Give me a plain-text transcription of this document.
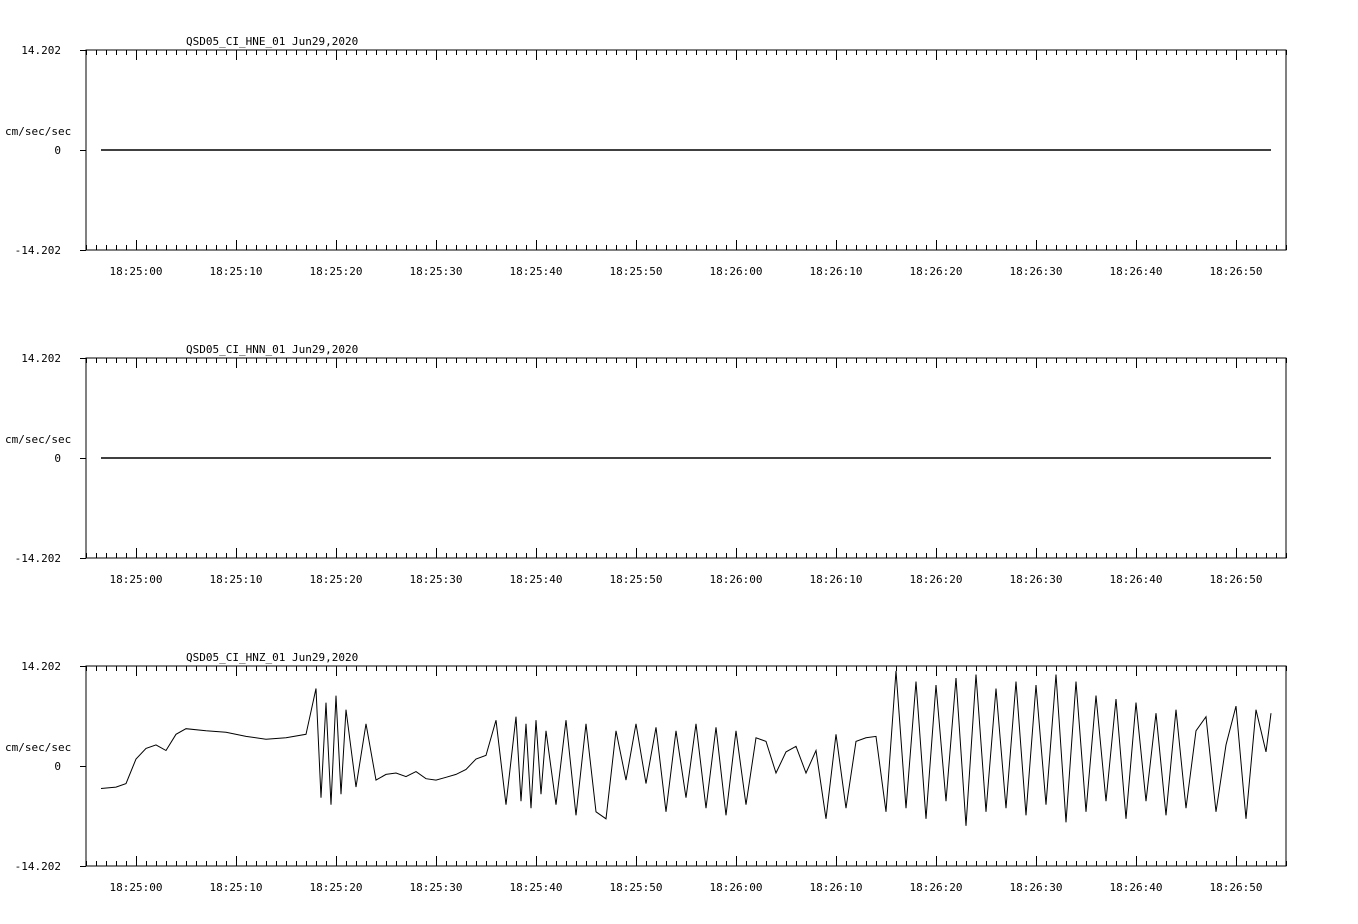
QSD05_CI_HNE_01 Jun29,2020
cm/sec/sec
14.202
0
-14.202
18:25:00	18:25:10	18:25:20	18:25:30	18:25:40	18:25:50	18:26:00	18:26:10	18:26:20	18:26:30	18:26:40	18:26:50
QSD05_CI_HNN_01 Jun29,2020
cm/sec/sec
14.202
0
-14.202
18:25:00	18:25:10	18:25:20	18:25:30	18:25:40	18:25:50	18:26:00	18:26:10	18:26:20	18:26:30	18:26:40	18:26:50
QSD05_CI_HNZ_01 Jun29,2020
cm/sec/sec
14.202
0
-14.202
18:25:00	18:25:10	18:25:20	18:25:30	18:25:40	18:25:50	18:26:00	18:26:10	18:26:20	18:26:30	18:26:40	18:26:50
